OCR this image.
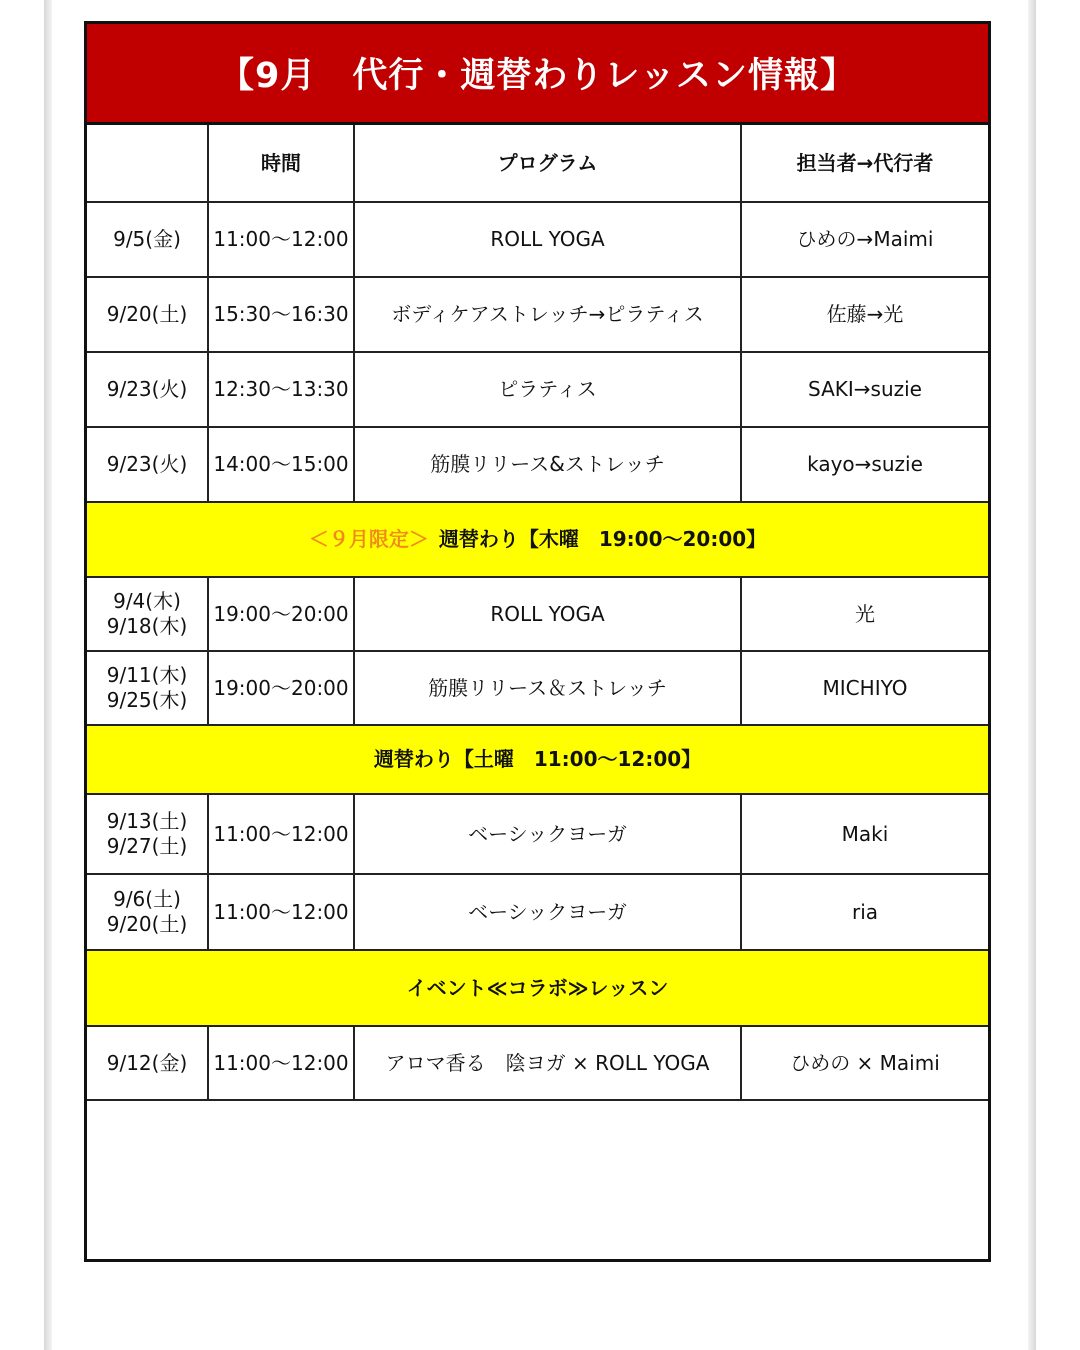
【9月　代行・週替わりレッスン情報】
	時間	プログラム	担当者→代行者
9/5(金)	11:00〜12:00	ROLL YOGA	ひめの→Maimi
9/20(土)	15:30〜16:30	ボディケアストレッチ→ピラティス	佐藤→光
9/23(火)	12:30〜13:30	ピラティス	SAKI→suzie
9/23(火)	14:00〜15:00	筋膜リリース&ストレッチ	kayo→suzie
＜９月限定＞ 週替わり【木曜　19:00〜20:00】			

9/4(木)
9/18(木)	19:00〜20:00	ROLL YOGA	光

9/11(木)
9/25(木)	19:00〜20:00	筋膜リリース＆ストレッチ	MICHIYO
週替わり【土曜　11:00〜12:00】			

9/13(土)
9/27(土)	11:00〜12:00	ベーシックヨーガ	Maki

9/6(土)
9/20(土)	11:00〜12:00	ベーシックヨーガ	ria
イベント≪コラボ≫レッスン			
9/12(金)	11:00〜12:00	アロマ香る　陰ヨガ × ROLL YOGA	ひめの × Maimi
